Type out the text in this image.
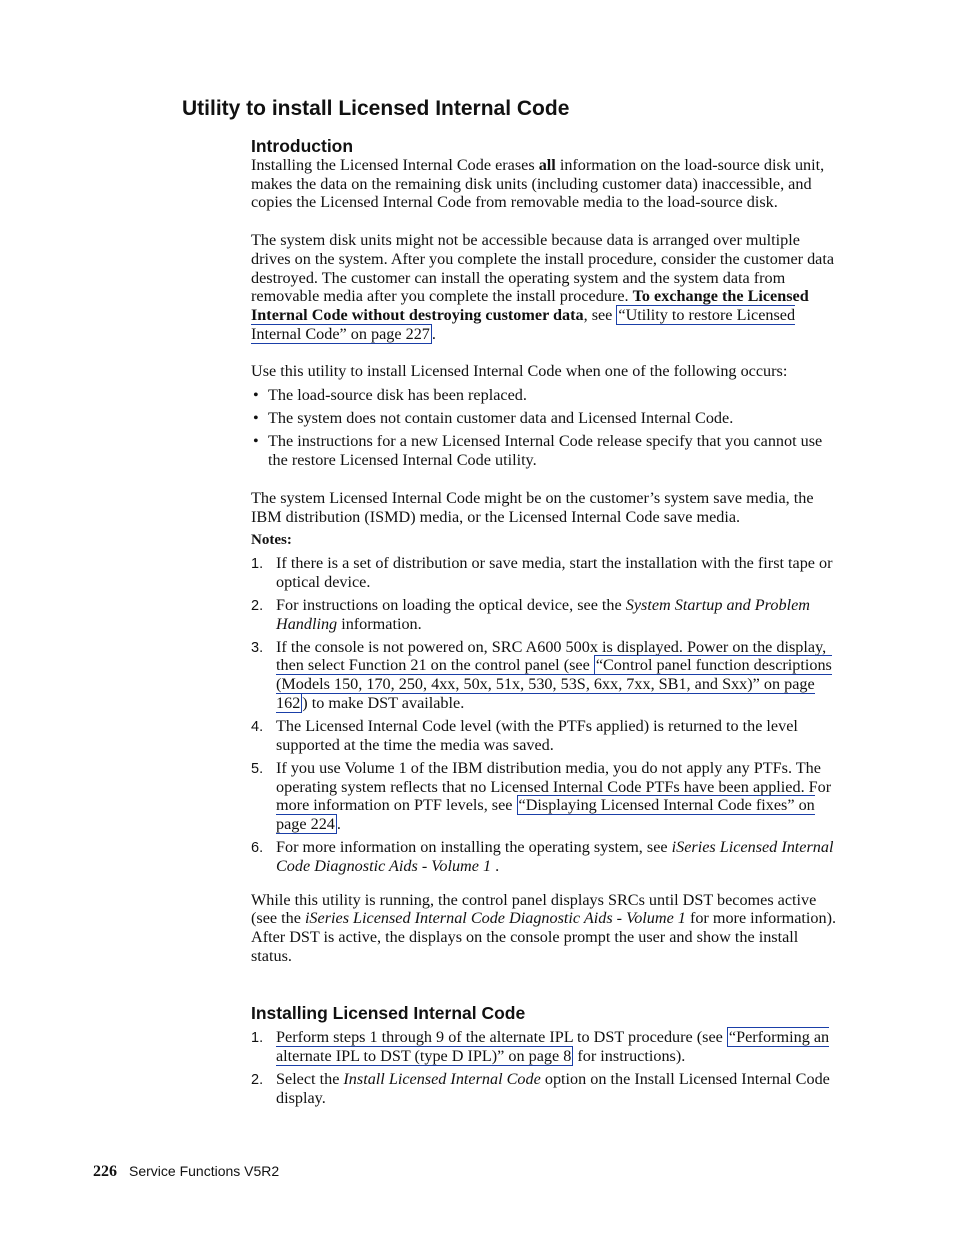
Utility to install Licensed Internal Code
Introduction

Installing the Licensed Internal Code erases all information on the load-source disk unit, makes the data on the remaining disk units (including customer data) inaccessible, and copies the Licensed Internal Code from removable media to the load-source disk.

The system disk units might not be accessible because data is arranged over multiple drives on the system. After you complete the install procedure, consider the customer data destroyed. The customer can install the operating system and the system data from removable media after you complete the install procedure. To exchange the Licensed Internal Code without destroying customer data, see “Utility to restore Licensed Internal Code” on page 227 .

Use this utility to install Licensed Internal Code when one of the following occurs:

• The load-source disk has been replaced.
• The system does not contain customer data and Licensed Internal Code.
• The instructions for a new Licensed Internal Code release specify that you cannot use the restore Licensed Internal Code utility.

The system Licensed Internal Code might be on the customer’s system save media, the IBM distribution (ISMD) media, or the Licensed Internal Code save media.

Notes:

1. If there is a set of distribution or save media, start the installation with the first tape or optical device.
2. For instructions on loading the optical device, see the System Startup and Problem Handling information.
3. If the console is not powered on, SRC A600 500x is displayed. Power on the display, then select Function 21 on the control panel (see “Control panel function descriptions (Models 150, 170, 250, 4xx, 50x, 51x, 530, 53S, 6xx, 7xx, SB1, and Sxx)” on page 162 ) to make DST available.
4. The Licensed Internal Code level (with the PTFs applied) is returned to the level supported at the time the media was saved.
5. If you use Volume 1 of the IBM distribution media, you do not apply any PTFs. The operating system reflects that no Licensed Internal Code PTFs have been applied. For more information on PTF levels, see “Displaying Licensed Internal Code fixes” on page 224 .
6. For more information on installing the operating system, see iSeries Licensed Internal Code Diagnostic Aids - Volume 1 .

While this utility is running, the control panel displays SRCs until DST becomes active (see the iSeries Licensed Internal Code Diagnostic Aids - Volume 1 for more information). After DST is active, the displays on the console prompt the user and show the install status.

Installing Licensed Internal Code
1. Perform steps 1 through 9 of the alternate IPL to DST procedure (see “Performing an alternate IPL to DST (type D IPL)” on page 8 for instructions).
2. Select the Install Licensed Internal Code option on the Install Licensed Internal Code display.
226 Service Functions V5R2
